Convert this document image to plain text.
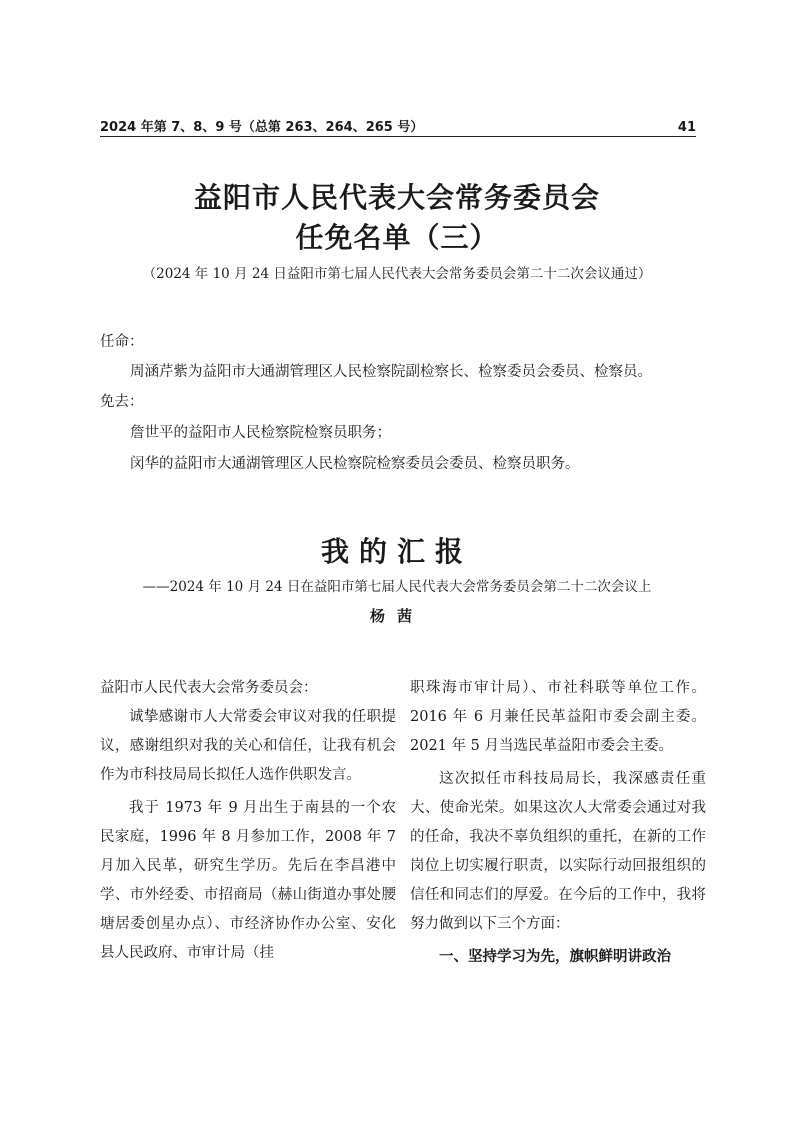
2024 年第 7、8、9 号（总第 263、264、265 号）	41
益阳市人民代表大会常务委员会
任免名单（三）
（2024 年 10 月 24 日益阳市第七届人民代表大会常务委员会第二十二次会议通过）
任命：
周涵芹紫为益阳市大通湖管理区人民检察院副检察长、检察委员会委员、检察员。
免去：
詹世平的益阳市人民检察院检察员职务；
闵华的益阳市大通湖管理区人民检察院检察委员会委员、检察员职务。
我的汇报
——2024 年 10 月 24 日在益阳市第七届人民代表大会常务委员会第二十二次会议上
杨茜

益阳市人民代表大会常务委员会：

诚挚感谢市人大常委会审议对我的任职提议，感谢组织对我的关心和信任，让我有机会作为市科技局局长拟任人选作供职发言。

我于 1973 年 9 月出生于南县的一个农民家庭，1996 年 8 月参加工作，2008 年 7 月加入民革，研究生学历。先后在李昌港中学、市外经委、市招商局（赫山街道办事处腰塘居委创星办点）、市经济协作办公室、安化县人民政府、市审计局（挂

职珠海市审计局）、市社科联等单位工作。2016 年 6 月兼任民革益阳市委会副主委。2021 年 5 月当选民革益阳市委会主委。

这次拟任市科技局局长，我深感责任重大、使命光荣。如果这次人大常委会通过对我的任命，我决不辜负组织的重托，在新的工作岗位上切实履行职责，以实际行动回报组织的信任和同志们的厚爱。在今后的工作中，我将努力做到以下三个方面：

一、坚持学习为先，旗帜鲜明讲政治
